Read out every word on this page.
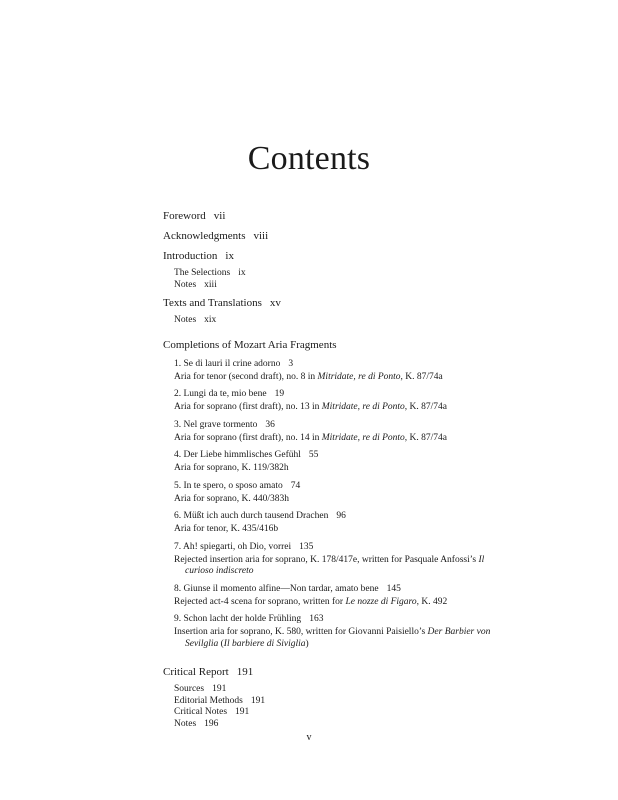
Contents
Foreword vii
Acknowledgments viii
Introduction ix
The Selections ix
Notes xiii
Texts and Translations xv
Notes xix
Completions of Mozart Aria Fragments
1. Se di lauri il crine adorno 3
Aria for tenor (second draft), no. 8 in Mitridate, re di Ponto, K. 87/74a
2. Lungi da te, mio bene 19
Aria for soprano (first draft), no. 13 in Mitridate, re di Ponto, K. 87/74a
3. Nel grave tormento 36
Aria for soprano (first draft), no. 14 in Mitridate, re di Ponto, K. 87/74a
4. Der Liebe himmlisches Gefühl 55
Aria for soprano, K. 119/382h
5. In te spero, o sposo amato 74
Aria for soprano, K. 440/383h
6. Müßt ich auch durch tausend Drachen 96
Aria for tenor, K. 435/416b
7. Ah! spiegarti, oh Dio, vorrei 135
Rejected insertion aria for soprano, K. 178/417e, written for Pasquale Anfossi’s Il
curioso indiscreto
8. Giunse il momento alfine—Non tardar, amato bene 145
Rejected act-4 scena for soprano, written for Le nozze di Figaro, K. 492
9. Schon lacht der holde Frühling 163
Insertion aria for soprano, K. 580, written for Giovanni Paisiello’s Der Barbier von
Sevilglia (Il barbiere di Siviglia)
Critical Report 191
Sources 191
Editorial Methods 191
Critical Notes 191
Notes 196
v
